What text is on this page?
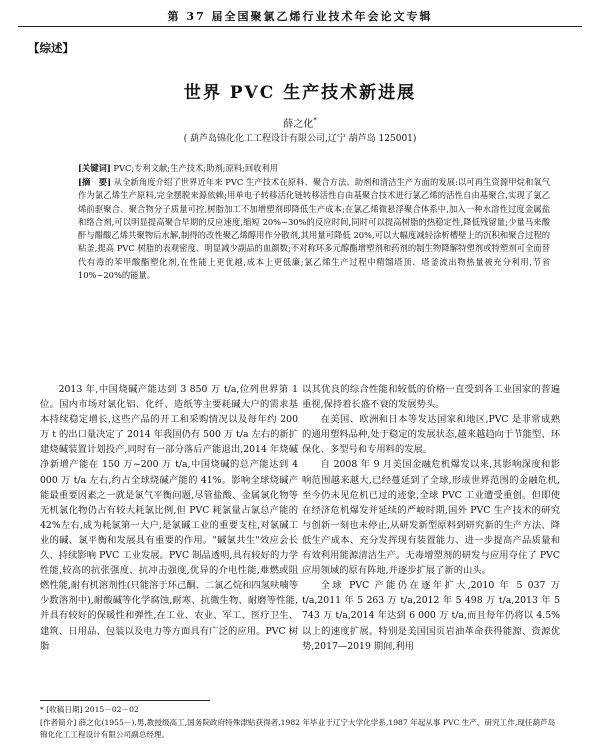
第 37 届全国聚氯乙烯行业技术年会论文专辑
【综述】
世界 PVC 生产技术新进展
薛之化*
( 葫芦岛锦化化工工程设计有限公司,辽宁 葫芦岛 125001)
[关键词] PVC;专利文献;生产技术;助剂;原料;回收利用
[摘　要] 从全新角度介绍了世界近年来 PVC 生产技术在原料、聚合方法、助剂和清洁生产方面的发展:以可再生资源甲烷和氧气作为氯乙烯生产原料,完全摆脱来源依赖;用单电子转移活化链转移活性自由基聚合技术进行氯乙烯的活性自由基聚合,实现了氯乙烯前驱聚合、聚合物分子质量可控,树脂加工不加增塑剂即降低生产成本;在氯乙烯微悬浮聚合体系中,加入一种水溶性过度金属盐和络合剂,可以明显提高聚合早期的反应速度,缩短 20%~30%的反应时间,同时可以提高树脂的热稳定性,降低残留量;少量马来酸酐与醋酸乙烯共聚物后水解,制得的改性聚乙烯醇用作分散剂,其用量可降低 20%,可以大幅度减轻涂析槽壁上的沉积和聚合过程的粘釜,提高 PVC 树脂的表观密度、明显减少副品的血颜数;不对称环多元醇酯增塑剂和药剂的制生物降解特塑剂或特塑剂可全面替代有毒的苯甲酸酯塑化剂,在性能上更优越,成本上更低廉;氯乙烯生产过程中精馏塔顶、塔釜流出物热量被充分利用,节省 10%~20%的能量。

2013 年,中国烧碱产能达到 3 850 万 t/a,位列世界第 1 位。国内市场对氯化铝、化纤、造纸等主要耗碱大户的需求基本持续稳定增长,这些产品的开工和采购情况以及每年约 200 万 t 的出口量决定了 2014 年我国仍有 500 万 t/a 左右的新扩建烧碱装置计划投产,同时有一部分落后产能退出,2014 年烧碱净新增产能在 150 万~200 万 t/a,中国烧碱的总产能达到 4 000 万 t/a 左右,约占全球烧碱产能的 41%。影响全球烧碱产能最重要因素之一就是氯气平衡问题,尽管盐酸、金属氯化物等无机氯化物仍占有较大耗氯比例,但 PVC 耗氯量占氯总产能的 42%左右,成为耗氯第一大户,是氯碱工业的重要支柱,对氯碱工业的碱、氯平衡和发展具有重要的作用。"碱氯共生"效应会长久、持续影响 PVC 工业发展。PVC 制品透明,具有较好的力学性能,较高的抗张强度、抗冲击强度,优异的介电性能,难燃或阻燃性能,耐有机溶剂性(只能溶于环己酮、二氯乙烷和四氢呋喃等少数溶剂中),耐酸碱等化学腐蚀,耐寒、抗微生物、耐磨等性能,并具有较好的保暖性和弹性,在工业、农业、军工、医疗卫生、建筑、日用品、包装以及电力等方面具有广泛的应用。PVC 树脂

以其优良的综合性能和较低的价格一直受到各工业国家的普遍重视,保持着长盛不衰的发展势头。

在美国、欧洲和日本等发达国家和地区,PVC 是非常成熟的通用塑料品种,处于稳定的发展状态,越来越趋向于节能型、环保化、多型号和专用料的发展。

自 2008 年 9 月美国金融危机爆发以来,其影响深度和影响范围越来越大,已经蔓延到了全球,形成世界范围的金融危机,至今仍未见危机已过的迹象,全球 PVC 工业遭受重创。但即使在经济危机爆发并延续的严峻时期,国外 PVC 生产技术的研究与创新一刻也未停止,从研发新型原料到研究新的生产方法、降低生产成本、充分发挥现有装置能力、进一步提高产品质量和有效利用能源清洁生产。无毒增塑剂的研发与应用夺住了 PVC 应用领域的原有阵地,并逐步扩展了新的山头。

全球 PVC 产能仍在逐年扩大,2010 年 5 037 万 t/a,2011 年 5 263 万 t/a,2012 年 5 498 万 t/a,2013 年 5 743 万 t/a,2014 年达到 6 000 万 t/a,而且每年仍将以 4.5% 以上的速度扩展。特别是美国国页岩油革命获得能源、资源优势,2017—2019 期间,利用

* [收稿日期] 2015－02－02
[作者简介] 薛之化(1955－),男,教授级高工,国务院政府特殊津贴获得者,1982 年毕业于辽宁大学化学系,1987 年起从事 PVC 生产、研究工作,现任葫芦岛锦化化工工程设计有限公司副总经理。
